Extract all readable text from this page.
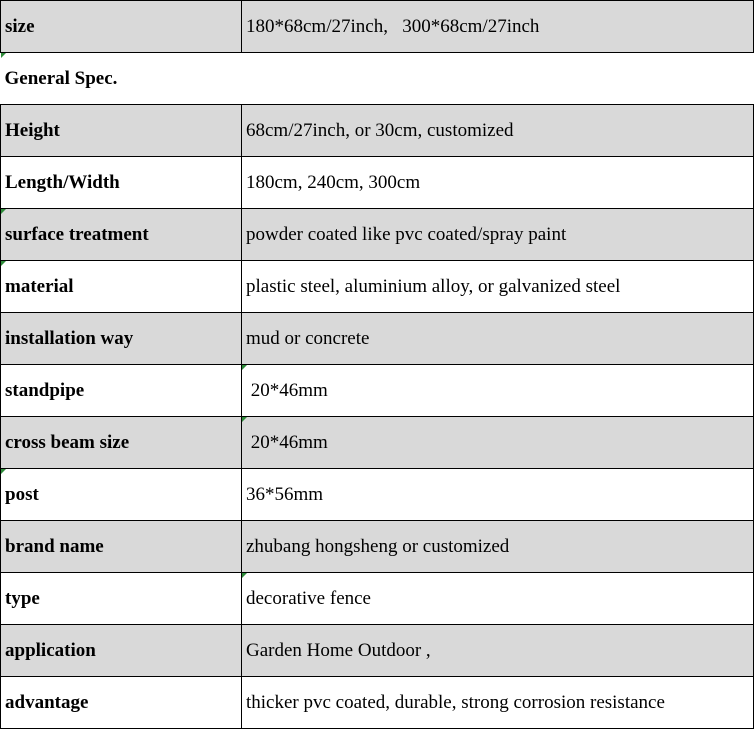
size	180*68cm/27inch,   300*68cm/27inch
General Spec.	
Height	68cm/27inch, or 30cm, customized
Length/Width	180cm, 240cm, 300cm
surface treatment	powder coated like pvc coated/spray paint
material	plastic steel, aluminium alloy, or galvanized steel
installation way	mud or concrete
standpipe	20*46mm
cross beam size	20*46mm
post	36*56mm
brand name	zhubang hongsheng or customized
type	decorative fence
application	Garden Home Outdoor ,
advantage	thicker pvc coated, durable, strong corrosion resistance
